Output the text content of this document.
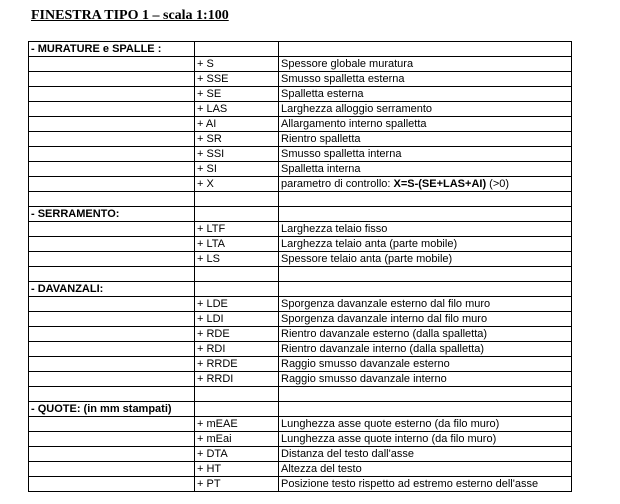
FINESTRA TIPO 1 – scala 1:100
- MURATURE e SPALLE :		
	+ S	Spessore globale muratura
	+ SSE	Smusso spalletta esterna
	+ SE	Spalletta esterna
	+ LAS	Larghezza alloggio serramento
	+ AI	Allargamento interno spalletta
	+ SR	Rientro spalletta
	+ SSI	Smusso spalletta interna
	+ SI	Spalletta interna
	+ X	parametro di controllo: X=S-(SE+LAS+AI) (>0)

- SERRAMENTO:		
	+ LTF	Larghezza telaio fisso
	+ LTA	Larghezza telaio anta (parte mobile)
	+ LS	Spessore telaio anta (parte mobile)

- DAVANZALI:		
	+ LDE	Sporgenza davanzale esterno dal filo muro
	+ LDI	Sporgenza davanzale interno dal filo muro
	+ RDE	Rientro davanzale esterno (dalla spalletta)
	+ RDI	Rientro davanzale interno (dalla spalletta)
	+ RRDE	Raggio smusso davanzale esterno
	+ RRDI	Raggio smusso davanzale interno

- QUOTE: (in mm stampati)		
	+ mEAE	Lunghezza asse quote esterno (da filo muro)
	+ mEai	Lunghezza asse quote interno (da filo muro)
	+ DTA	Distanza del testo dall'asse
	+ HT	Altezza del testo
	+ PT	Posizione testo rispetto ad estremo esterno dell'asse
